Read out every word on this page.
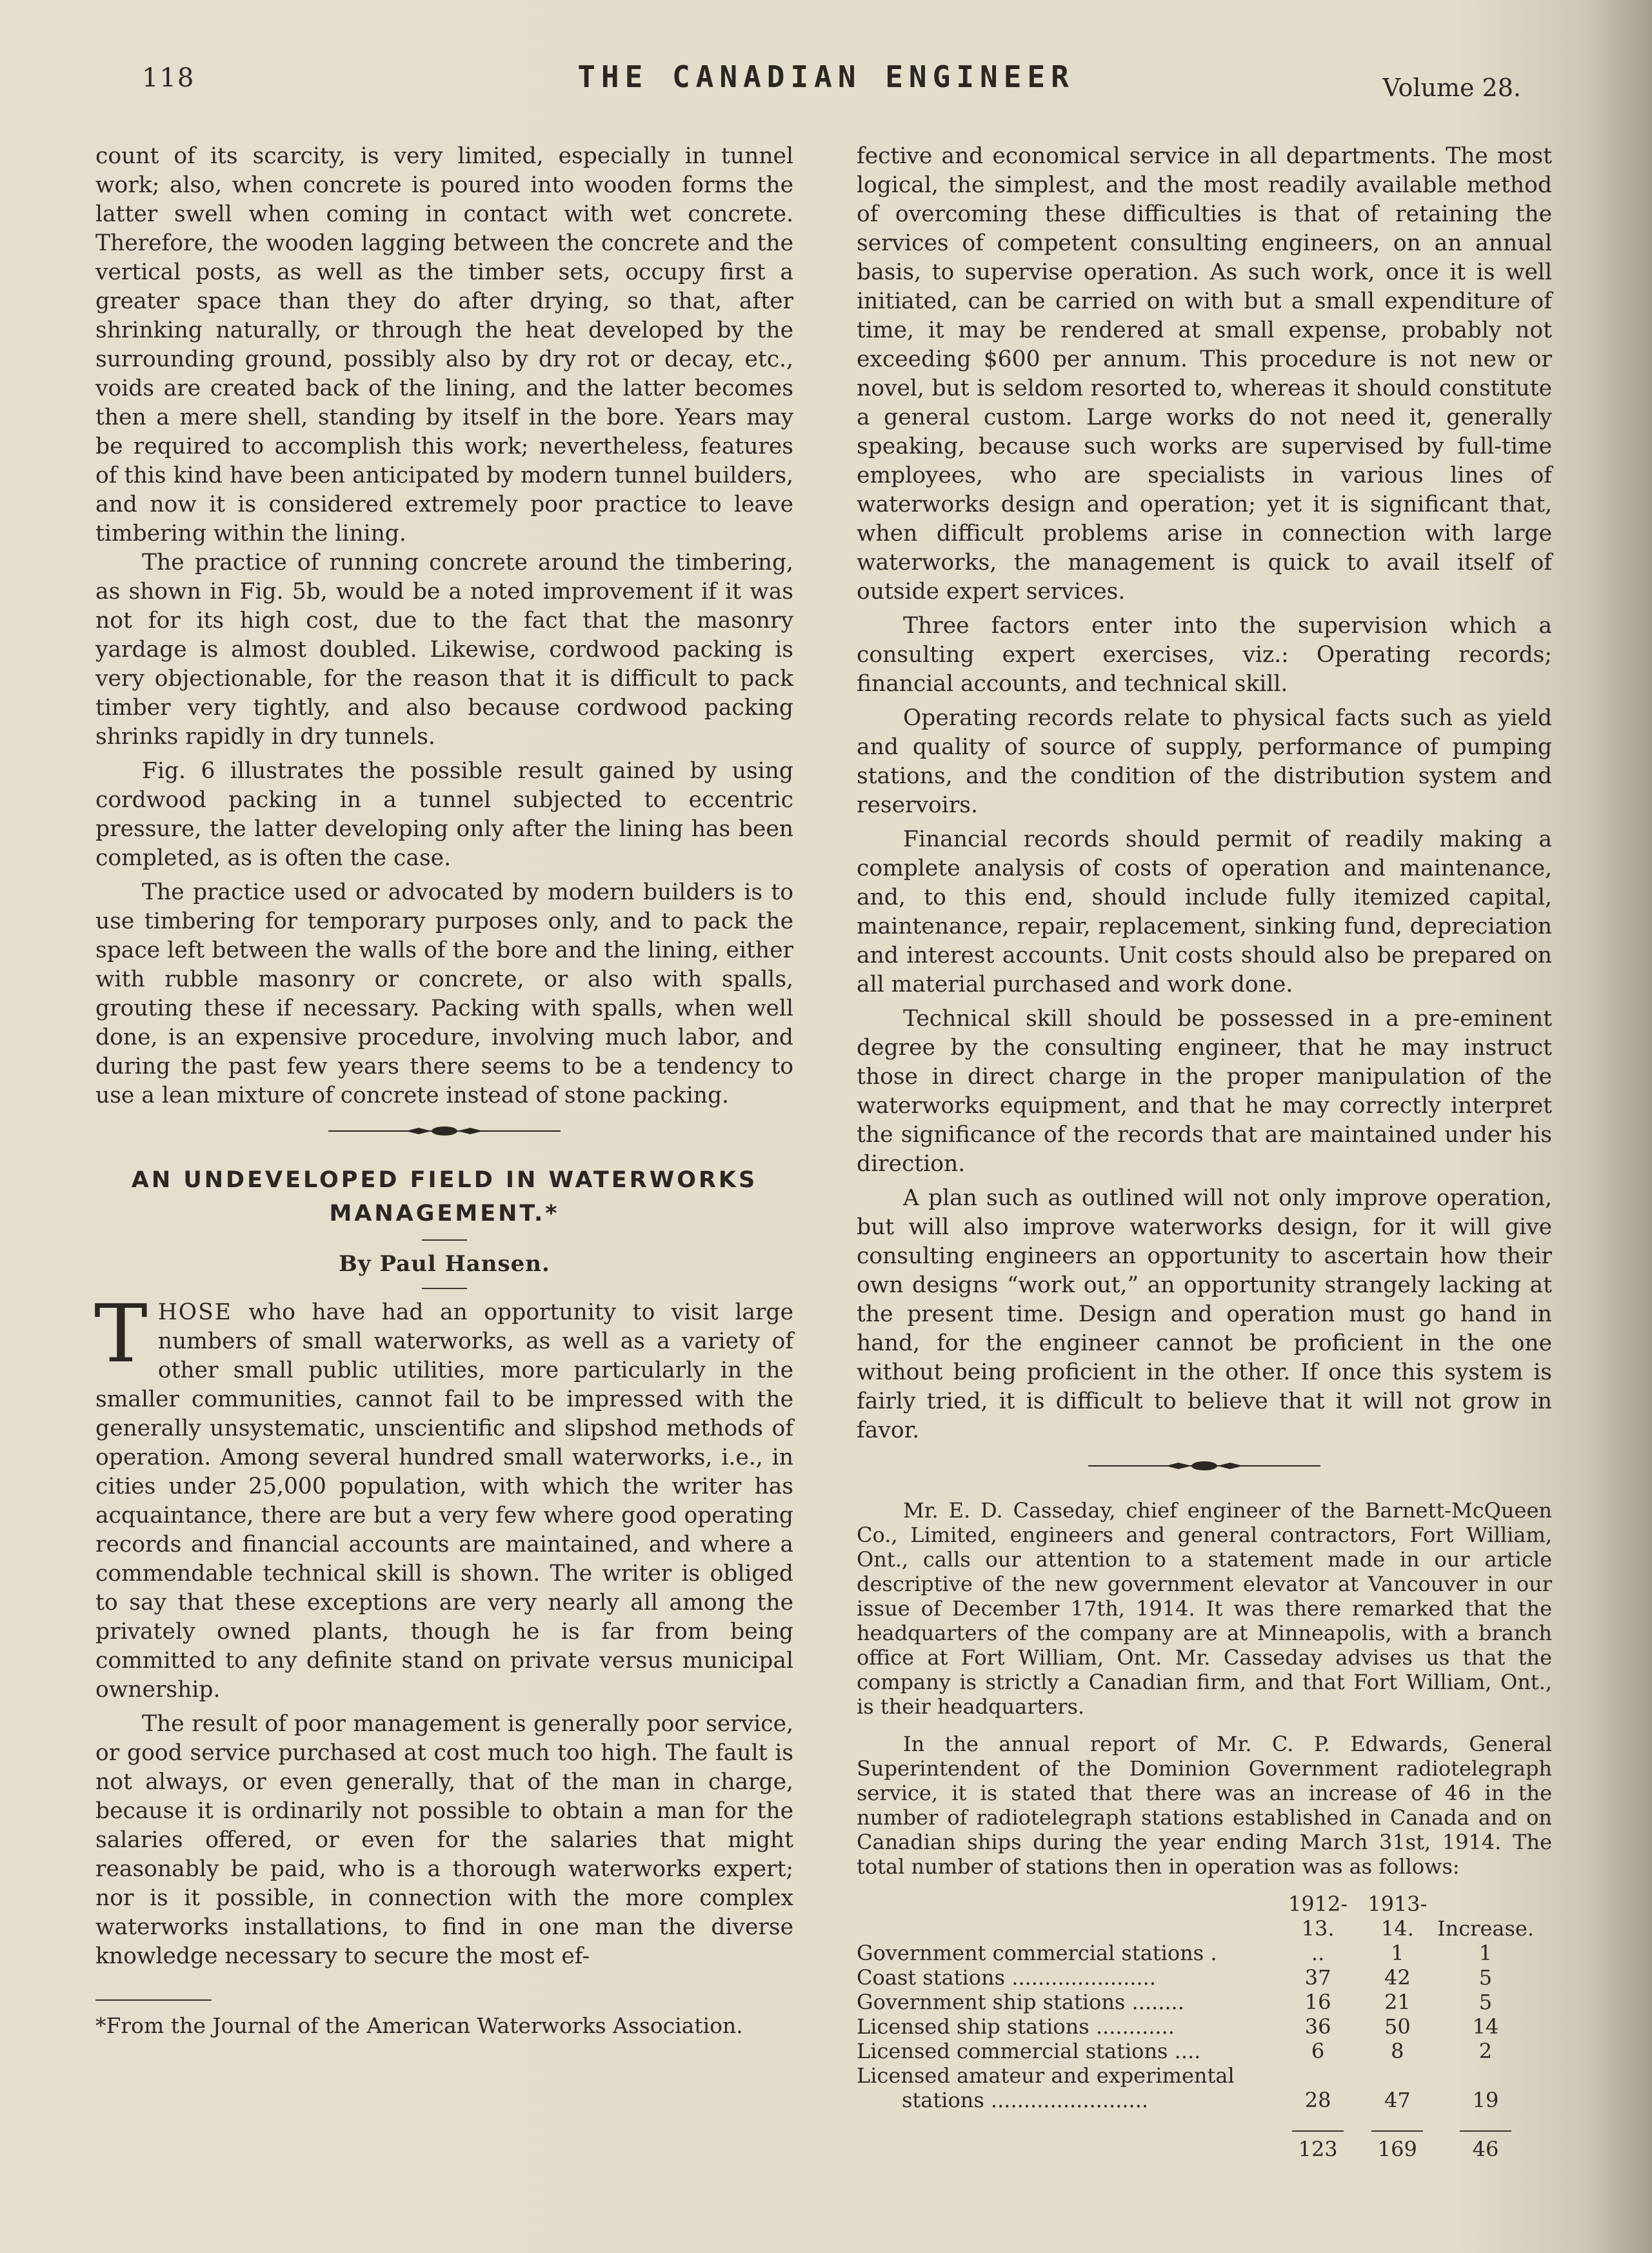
118	THE CANADIAN ENGINEER	Volume 28.

count of its scarcity, is very limited, especially in tunnel work; also, when concrete is poured into wooden forms the latter swell when coming in contact with wet concrete. Therefore, the wooden lagging between the concrete and the vertical posts, as well as the timber sets, occupy first a greater space than they do after drying, so that, after shrinking naturally, or through the heat developed by the surrounding ground, possibly also by dry rot or decay, etc., voids are created back of the lining, and the latter becomes then a mere shell, standing by itself in the bore. Years may be required to accomplish this work; nevertheless, features of this kind have been anticipated by modern tunnel builders, and now it is considered extremely poor practice to leave timbering within the lining.

The practice of running concrete around the timbering, as shown in Fig. 5b, would be a noted improvement if it was not for its high cost, due to the fact that the masonry yardage is almost doubled. Likewise, cordwood packing is very objectionable, for the reason that it is difficult to pack timber very tightly, and also because cordwood packing shrinks rapidly in dry tunnels.

Fig. 6 illustrates the possible result gained by using cordwood packing in a tunnel subjected to eccentric pressure, the latter developing only after the lining has been completed, as is often the case.

The practice used or advocated by modern builders is to use timbering for temporary purposes only, and to pack the space left between the walls of the bore and the lining, either with rubble masonry or concrete, or also with spalls, grouting these if necessary. Packing with spalls, when well done, is an expensive procedure, involving much labor, and during the past few years there seems to be a tendency to use a lean mixture of concrete instead of stone packing.

AN UNDEVELOPED FIELD IN WATERWORKS
MANAGEMENT.*
By Paul Hansen.

THOSE who have had an opportunity to visit large numbers of small waterworks, as well as a variety of other small public utilities, more particularly in the smaller communities, cannot fail to be impressed with the generally unsystematic, unscientific and slipshod methods of operation. Among several hundred small waterworks, i.e., in cities under 25,000 population, with which the writer has acquaintance, there are but a very few where good operating records and financial accounts are maintained, and where a commendable technical skill is shown. The writer is obliged to say that these exceptions are very nearly all among the privately owned plants, though he is far from being committed to any definite stand on private versus municipal ownership.

The result of poor management is generally poor service, or good service purchased at cost much too high. The fault is not always, or even generally, that of the man in charge, because it is ordinarily not possible to obtain a man for the salaries offered, or even for the salaries that might reasonably be paid, who is a thorough waterworks expert; nor is it possible, in connection with the more complex waterworks installations, to find in one man the diverse knowledge necessary to secure the most ef-

*From the Journal of the American Waterworks Association.

fective and economical service in all departments. The most logical, the simplest, and the most readily available method of overcoming these difficulties is that of retaining the services of competent consulting engineers, on an annual basis, to supervise operation. As such work, once it is well initiated, can be carried on with but a small expenditure of time, it may be rendered at small expense, probably not exceeding $600 per annum. This procedure is not new or novel, but is seldom resorted to, whereas it should constitute a general custom. Large works do not need it, generally speaking, because such works are supervised by full-time employees, who are specialists in various lines of waterworks design and operation; yet it is significant that, when difficult problems arise in connection with large waterworks, the management is quick to avail itself of outside expert services.

Three factors enter into the supervision which a consulting expert exercises, viz.: Operating records; financial accounts, and technical skill.

Operating records relate to physical facts such as yield and quality of source of supply, performance of pumping stations, and the condition of the distribution system and reservoirs.

Financial records should permit of readily making a complete analysis of costs of operation and maintenance, and, to this end, should include fully itemized capital, maintenance, repair, replacement, sinking fund, depreciation and interest accounts. Unit costs should also be prepared on all material purchased and work done.

Technical skill should be possessed in a pre-eminent degree by the consulting engineer, that he may instruct those in direct charge in the proper manipulation of the waterworks equipment, and that he may correctly interpret the significance of the records that are maintained under his direction.

A plan such as outlined will not only improve operation, but will also improve waterworks design, for it will give consulting engineers an opportunity to ascertain how their own designs “work out,” an opportunity strangely lacking at the present time. Design and operation must go hand in hand, for the engineer cannot be proficient in the one without being proficient in the other. If once this system is fairly tried, it is difficult to believe that it will not grow in favor.

Mr. E. D. Casseday, chief engineer of the Barnett-McQueen Co., Limited, engineers and general contractors, Fort William, Ont., calls our attention to a statement made in our article descriptive of the new government elevator at Vancouver in our issue of December 17th, 1914. It was there remarked that the headquarters of the company are at Minneapolis, with a branch office at Fort William, Ont. Mr. Casseday advises us that the company is strictly a Canadian firm, and that Fort William, Ont., is their headquarters.

In the annual report of Mr. C. P. Edwards, General Superintendent of the Dominion Government radiotelegraph service, it is stated that there was an increase of 46 in the number of radiotelegraph stations established in Canada and on Canadian ships during the year ending March 31st, 1914. The total number of stations then in operation was as follows:

	1912-13.	1913-14.	Increase.
Government commercial stations .	..	1	1
Coast stations ......................	37	42	5
Government ship stations ........	16	21	5
Licensed ship stations ............	36	50	14
Licensed commercial stations ....	6	8	2
Licensed amateur and experimental			
stations ........................	28	47	19

	123	169	46
